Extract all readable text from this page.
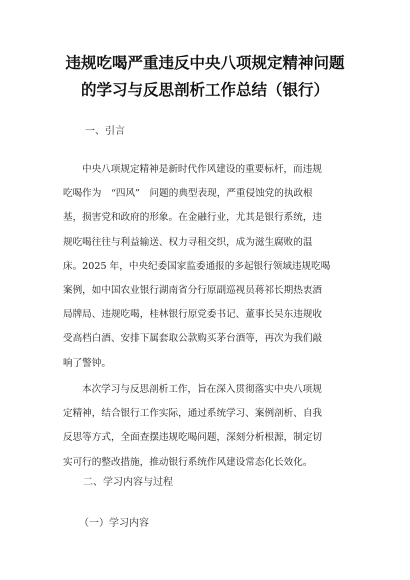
违规吃喝严重违反中央八项规定精神问题
的学习与反思剖析工作总结（银行）
一、引言
中央八项规定精神是新时代作风建设的重要标杆，而违规
吃喝作为　“四风”　问题的典型表现，严重侵蚀党的执政根
基，损害党和政府的形象。在金融行业，尤其是银行系统，违
规吃喝往往与利益输送、权力寻租交织，成为滋生腐败的温
床。2025 年，中央纪委国家监委通报的多起银行领域违规吃喝
案例，如中国农业银行湖南省分行原副巡视员蒋祁长期热衷酒
局牌局、违规吃喝，桂林银行原党委书记、董事长吴东违规收
受高档白酒、安排下属套取公款购买茅台酒等，再次为我们敲
响了警钟。
本次学习与反思剖析工作，旨在深入贯彻落实中央八项规
定精神，结合银行工作实际，通过系统学习、案例剖析、自我
反思等方式，全面查摆违规吃喝问题，深刻分析根源，制定切
实可行的整改措施，推动银行系统作风建设常态化长效化。
二、学习内容与过程
（一）学习内容
